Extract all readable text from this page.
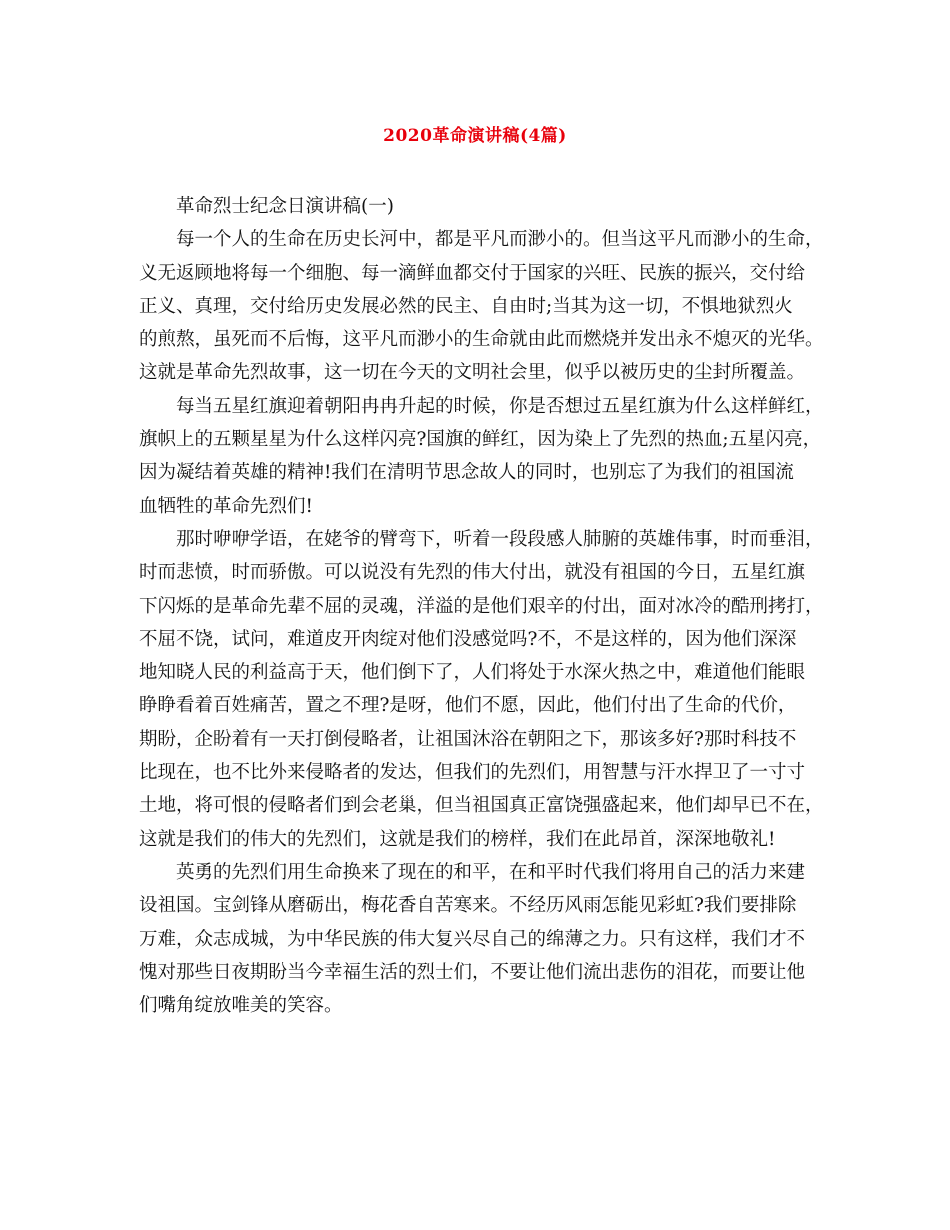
2020革命演讲稿(4篇)
革命烈士纪念日演讲稿(一)
每一个人的生命在历史长河中，都是平凡而渺小的。但当这平凡而渺小的生命，
义无返顾地将每一个细胞、每一滴鲜血都交付于国家的兴旺、民族的振兴，交付给
正义、真理，交付给历史发展必然的民主、自由时;当其为这一切，不惧地狱烈火
的煎熬，虽死而不后悔，这平凡而渺小的生命就由此而燃烧并发出永不熄灭的光华。
这就是革命先烈故事，这一切在今天的文明社会里，似乎以被历史的尘封所覆盖。
每当五星红旗迎着朝阳冉冉升起的时候，你是否想过五星红旗为什么这样鲜红，
旗帜上的五颗星星为什么这样闪亮?国旗的鲜红，因为染上了先烈的热血;五星闪亮，
因为凝结着英雄的精神!我们在清明节思念故人的同时，也别忘了为我们的祖国流
血牺牲的革命先烈们!
那时咿咿学语，在姥爷的臂弯下，听着一段段感人肺腑的英雄伟事，时而垂泪，
时而悲愤，时而骄傲。可以说没有先烈的伟大付出，就没有祖国的今日，五星红旗
下闪烁的是革命先辈不屈的灵魂，洋溢的是他们艰辛的付出，面对冰冷的酷刑拷打，
不屈不饶，试问，难道皮开肉绽对他们没感觉吗?不，不是这样的，因为他们深深
地知晓人民的利益高于天，他们倒下了，人们将处于水深火热之中，难道他们能眼
睁睁看着百姓痛苦，置之不理?是呀，他们不愿，因此，他们付出了生命的代价，
期盼，企盼着有一天打倒侵略者，让祖国沐浴在朝阳之下，那该多好?那时科技不
比现在，也不比外来侵略者的发达，但我们的先烈们，用智慧与汗水捍卫了一寸寸
土地，将可恨的侵略者们到会老巢，但当祖国真正富饶强盛起来，他们却早已不在，
这就是我们的伟大的先烈们，这就是我们的榜样，我们在此昂首，深深地敬礼!
英勇的先烈们用生命换来了现在的和平，在和平时代我们将用自己的活力来建
设祖国。宝剑锋从磨砺出，梅花香自苦寒来。不经历风雨怎能见彩虹?我们要排除
万难，众志成城，为中华民族的伟大复兴尽自己的绵薄之力。只有这样，我们才不
愧对那些日夜期盼当今幸福生活的烈士们，不要让他们流出悲伤的泪花，而要让他
们嘴角绽放唯美的笑容。
